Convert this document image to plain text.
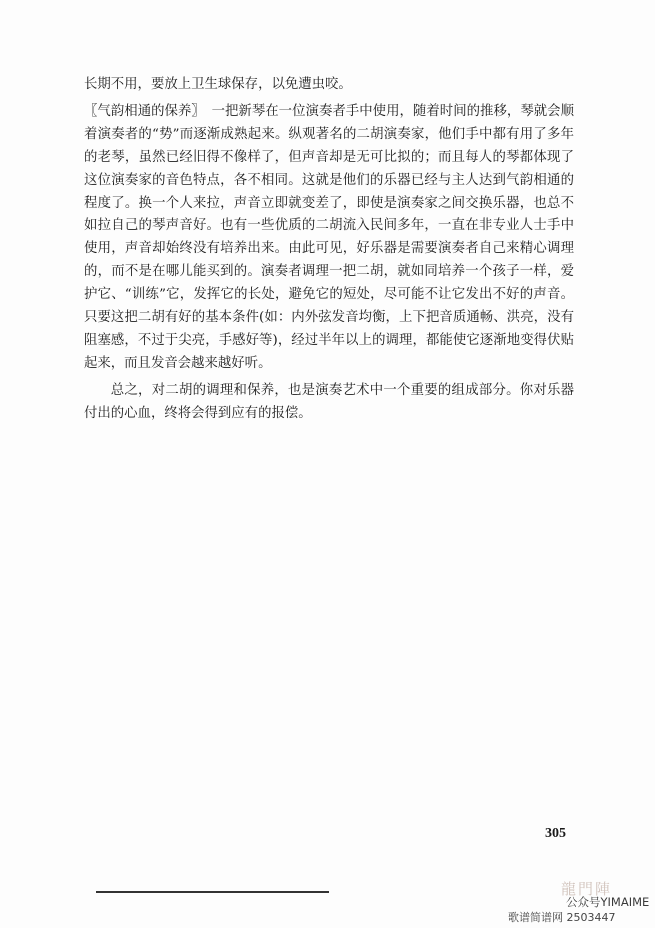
长期不用，要放上卫生球保存，以免遭虫咬。

〖气韵相通的保养〗　 一把新琴在一位演奏者手中使用，随着时间的推移，琴就会顺着演奏者的“势”而逐渐成熟起来。纵观著名的二胡演奏家，他们手中都有用了多年的老琴，虽然已经旧得不像样了，但声音却是无可比拟的；而且每人的琴都体现了这位演奏家的音色特点，各不相同。这就是他们的乐器已经与主人达到气韵相通的程度了。换一个人来拉，声音立即就变差了，即使是演奏家之间交换乐器，也总不如拉自己的琴声音好。也有一些优质的二胡流入民间多年，一直在非专业人士手中使用，声音却始终没有培养出来。由此可见，好乐器是需要演奏者自己来精心调理的，而不是在哪儿能买到的。演奏者调理一把二胡，就如同培养一个孩子一样，爱护它、“训练”它，发挥它的长处，避免它的短处，尽可能不让它发出不好的声音。只要这把二胡有好的基本条件(如：内外弦发音均衡，上下把音质通畅、洪亮，没有阻塞感，不过于尖亮，手感好等)，经过半年以上的调理，都能使它逐渐地变得伏贴起来，而且发音会越来越好听。

总之，对二胡的调理和保养，也是演奏艺术中一个重要的组成部分。你对乐器付出的心血，终将会得到应有的报偿。

305
龍門陣
公众号YIMAIME
歌谱简谱网 2503447
